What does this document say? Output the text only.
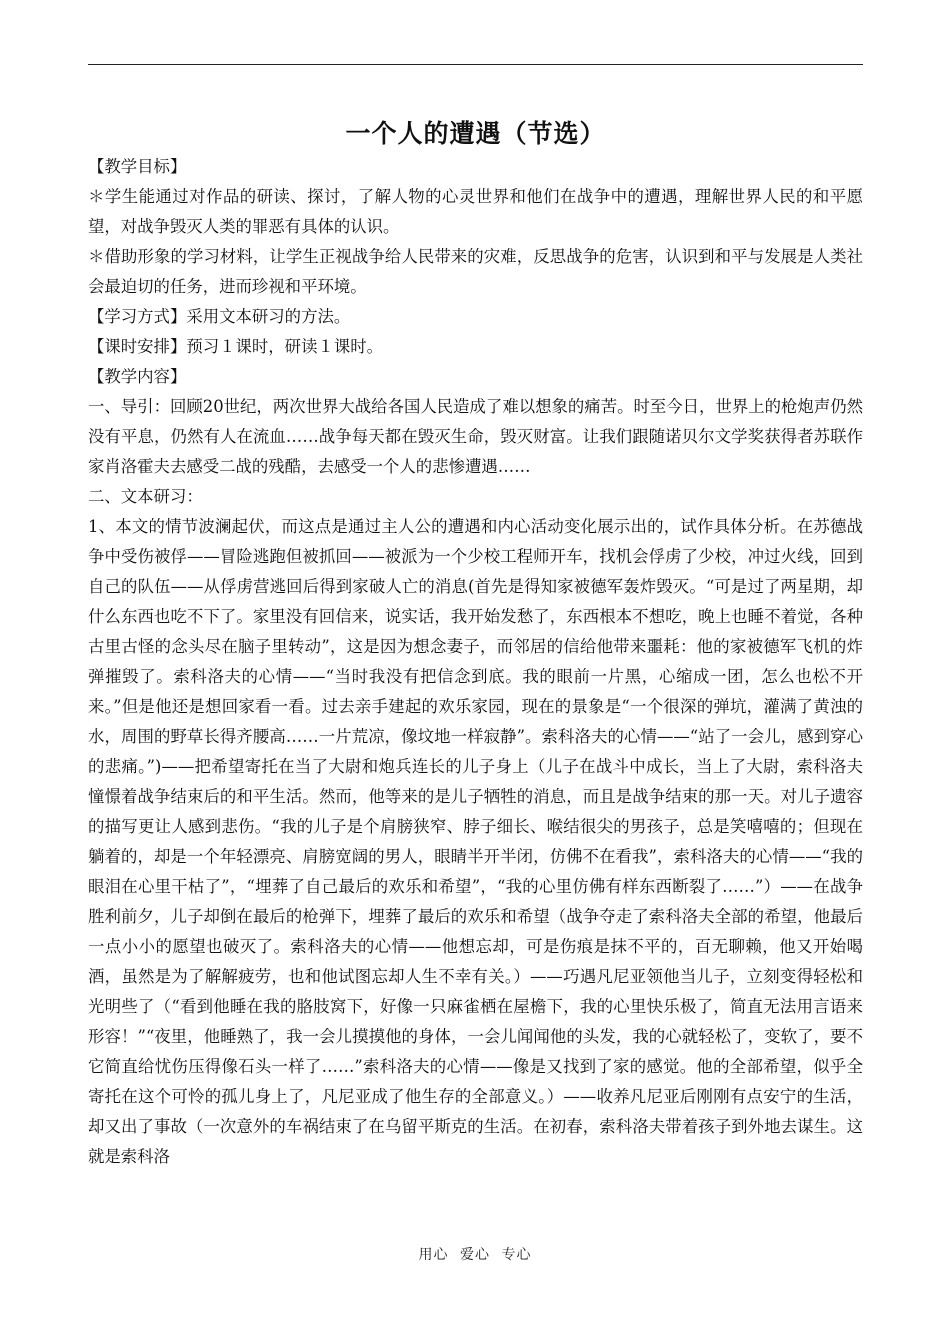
一个人的遭遇（节选）

【教学目标】

＊学生能通过对作品的研读、探讨，了解人物的心灵世界和他们在战争中的遭遇，理解世界人民的和平愿望，对战争毁灭人类的罪恶有具体的认识。

＊借助形象的学习材料，让学生正视战争给人民带来的灾难，反思战争的危害，认识到和平与发展是人类社会最迫切的任务，进而珍视和平环境。

【学习方式】采用文本研习的方法。

【课时安排】预习１课时，研读１课时。

【教学内容】

一、导引：回顾20世纪，两次世界大战给各国人民造成了难以想象的痛苦。时至今日，世界上的枪炮声仍然没有平息，仍然有人在流血……战争每天都在毁灭生命，毁灭财富。让我们跟随诺贝尔文学奖获得者苏联作家肖洛霍夫去感受二战的残酷，去感受一个人的悲惨遭遇……

二、文本研习：

1、本文的情节波澜起伏，而这点是通过主人公的遭遇和内心活动变化展示出的，试作具体分析。在苏德战争中受伤被俘——冒险逃跑但被抓回——被派为一个少校工程师开车，找机会俘虏了少校，冲过火线，回到自己的队伍——从俘虏营逃回后得到家破人亡的消息(首先是得知家被德军轰炸毁灭。“可是过了两星期，却什么东西也吃不下了。家里没有回信来，说实话，我开始发愁了，东西根本不想吃，晚上也睡不着觉，各种古里古怪的念头尽在脑子里转动”，这是因为想念妻子，而邻居的信给他带来噩耗：他的家被德军飞机的炸弹摧毁了。索科洛夫的心情——“当时我没有把信念到底。我的眼前一片黑，心缩成一团，怎么也松不开来。”但是他还是想回家看一看。过去亲手建起的欢乐家园，现在的景象是“一个很深的弹坑，灌满了黄浊的水，周围的野草长得齐腰高……一片荒凉，像坟地一样寂静”。索科洛夫的心情——“站了一会儿，感到穿心的悲痛。”)——把希望寄托在当了大尉和炮兵连长的儿子身上（儿子在战斗中成长，当上了大尉，索科洛夫憧憬着战争结束后的和平生活。然而，他等来的是儿子牺牲的消息，而且是战争结束的那一天。对儿子遗容的描写更让人感到悲伤。“我的儿子是个肩膀狭窄、脖子细长、喉结很尖的男孩子，总是笑嘻嘻的；但现在躺着的，却是一个年轻漂亮、肩膀宽阔的男人，眼睛半开半闭，仿佛不在看我”，索科洛夫的心情——“我的眼泪在心里干枯了”，“埋葬了自己最后的欢乐和希望”，“我的心里仿佛有样东西断裂了……”）——在战争胜利前夕，儿子却倒在最后的枪弹下，埋葬了最后的欢乐和希望（战争夺走了索科洛夫全部的希望，他最后一点小小的愿望也破灭了。索科洛夫的心情——他想忘却，可是伤痕是抹不平的，百无聊赖，他又开始喝酒，虽然是为了解解疲劳，也和他试图忘却人生不幸有关。）——巧遇凡尼亚领他当儿子，立刻变得轻松和光明些了（“看到他睡在我的胳肢窝下，好像一只麻雀栖在屋檐下，我的心里快乐极了，简直无法用言语来形容！”“夜里，他睡熟了，我一会儿摸摸他的身体，一会儿闻闻他的头发，我的心就轻松了，变软了，要不它简直给忧伤压得像石头一样了……”索科洛夫的心情——像是又找到了家的感觉。他的全部希望，似乎全寄托在这个可怜的孤儿身上了，凡尼亚成了他生存的全部意义。）——收养凡尼亚后刚刚有点安宁的生活，却又出了事故（一次意外的车祸结束了在乌留平斯克的生活。在初春，索科洛夫带着孩子到外地去谋生。这就是索科洛

用心 爱心 专心
